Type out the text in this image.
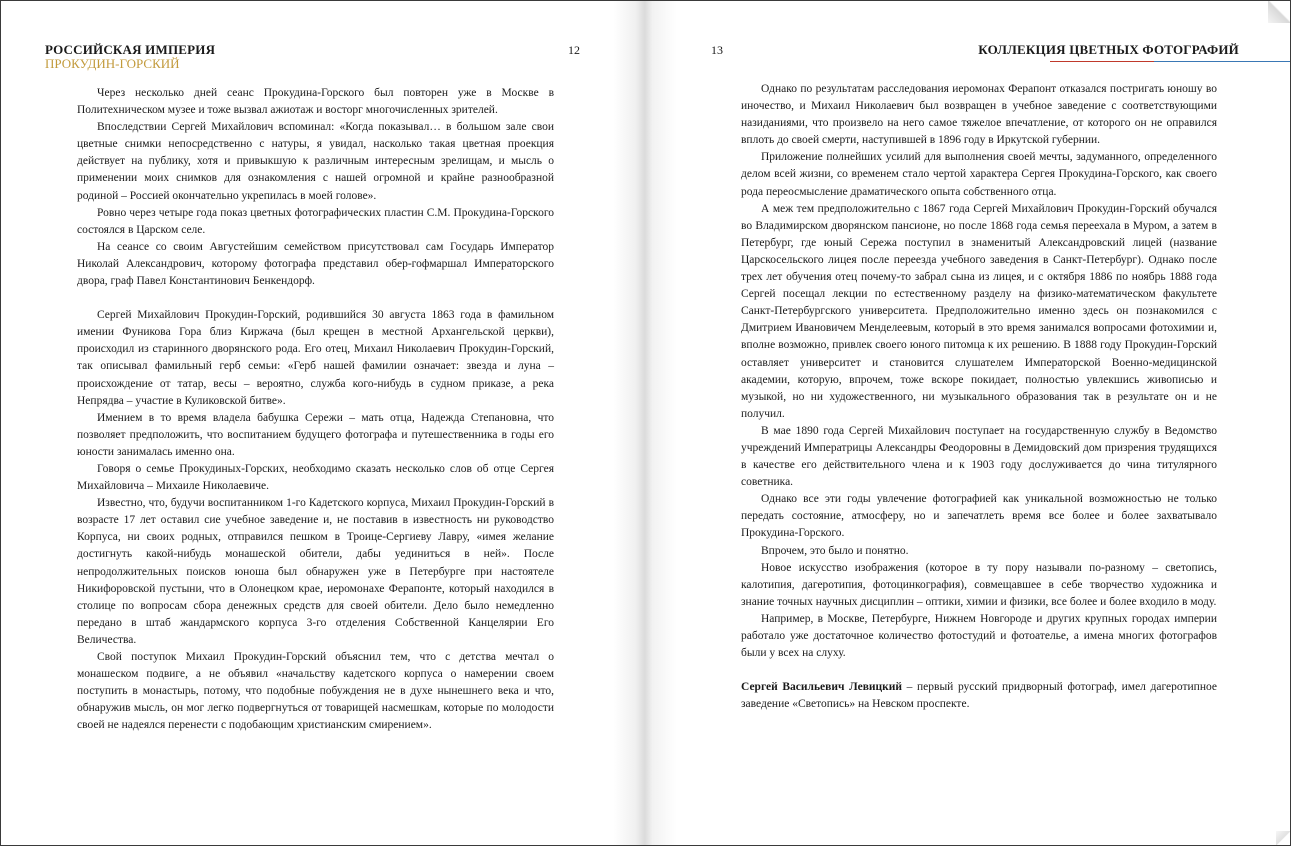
РОССИЙСКАЯ ИМПЕРИЯ
ПРОКУДИН-ГОРСКИЙ
12

Через несколько дней сеанс Прокудина-Горского был повторен уже в Москве в Политехническом музее и тоже вызвал ажиотаж и восторг многочисленных зрителей.

Впоследствии Сергей Михайлович вспоминал: «Когда показывал… в большом зале свои цветные снимки непосредственно с натуры, я увидал, насколько такая цветная проекция действует на публику, хотя и привыкшую к различным интересным зрелищам, и мысль о применении моих снимков для ознакомления с нашей огромной и крайне разнообразной родиной – Россией окончательно укрепилась в моей голове».

Ровно через четыре года показ цветных фотографических пластин С.М. Прокудина-Горского состоялся в Царском селе.

На сеансе со своим Августейшим семейством присутствовал сам Государь Император Николай Александрович, которому фотографа представил обер-гофмаршал Императорского двора, граф Павел Константинович Бенкендорф.

Сергей Михайлович Прокудин-Горский, родившийся 30 августа 1863 года в фамильном имении Фуникова Гора близ Киржача (был крещен в местной Архангельской церкви), происходил из старинного дворянского рода. Его отец, Михаил Николаевич Прокудин-Горский, так описывал фамильный герб семьи: «Герб нашей фамилии означает: звезда и луна – происхождение от татар, весы – вероятно, служба кого-нибудь в судном приказе, а река Непрядва – участие в Куликовской битве».

Имением в то время владела бабушка Сережи – мать отца, Надежда Степановна, что позволяет предположить, что воспитанием будущего фотографа и путешественника в годы его юности занималась именно она.

Говоря о семье Прокудиных-Горских, необходимо сказать несколько слов об отце Сергея Михайловича – Михаиле Николаевиче.

Известно, что, будучи воспитанником 1-го Кадетского корпуса, Михаил Прокудин-Горский в возрасте 17 лет оставил сие учебное заведение и, не поставив в известность ни руководство Корпуса, ни своих родных, отправился пешком в Троице-Сергиеву Лавру, «имея желание достигнуть какой-нибудь монашеской обители, дабы уединиться в ней». После непродолжительных поисков юноша был обнаружен уже в Петербурге при настоятеле Никифоровской пустыни, что в Олонецком крае, иеромонахе Ферапонте, который находился в столице по вопросам сбора денежных средств для своей обители. Дело было немедленно передано в штаб жандармского корпуса 3-го отделения Собственной Канцелярии Его Величества.

Свой поступок Михаил Прокудин-Горский объяснил тем, что с детства мечтал о монашеском подвиге, а не объявил «начальству кадетского корпуса о намерении своем поступить в монастырь, потому, что подобные побуждения не в духе нынешнего века и что, обнаружив мысль, он мог легко подвергнуться от товарищей насмешкам, которые по молодости своей не надеялся перенести с подобающим христианским смирением».

13	КОЛЛЕКЦИЯ ЦВЕТНЫХ ФОТОГРАФИЙ

Однако по результатам расследования иеромонах Ферапонт отказался постригать юношу во иночество, и Михаил Николаевич был возвращен в учебное заведение с соответствующими назиданиями, что произвело на него самое тяжелое впечатление, от которого он не оправился вплоть до своей смерти, наступившей в 1896 году в Иркутской губернии.

Приложение полнейших усилий для выполнения своей мечты, задуманного, определенного делом всей жизни, со временем стало чертой характера Сергея Прокудина-Горского, как своего рода переосмысление драматического опыта собственного отца.

А меж тем предположительно с 1867 года Сергей Михайлович Прокудин-Горский обучался во Владимирском дворянском пансионе, но после 1868 года семья переехала в Муром, а затем в Петербург, где юный Сережа поступил в знаменитый Александровский лицей (название Царскосельского лицея после переезда учебного заведения в Санкт-Петербург). Однако после трех лет обучения отец почему-то забрал сына из лицея, и с октября 1886 по ноябрь 1888 года Сергей посещал лекции по естественному разделу на физико-математическом факультете Санкт-Петербургского университета. Предположительно именно здесь он познакомился с Дмитрием Ивановичем Менделеевым, который в это время занимался вопросами фотохимии и, вполне возможно, привлек своего юного питомца к их решению. В 1888 году Прокудин-Горский оставляет университет и становится слушателем Императорской Военно-медицинской академии, которую, впрочем, тоже вскоре покидает, полностью увлекшись живописью и музыкой, но ни художественного, ни музыкального образования так в результате он и не получил.

В мае 1890 года Сергей Михайлович поступает на государственную службу в Ведомство учреждений Императрицы Александры Феодоровны в Демидовский дом призрения трудящихся в качестве его действительного члена и к 1903 году дослуживается до чина титулярного советника.

Однако все эти годы увлечение фотографией как уникальной возможностью не только передать состояние, атмосферу, но и запечатлеть время все более и более захватывало Прокудина-Горского.

Впрочем, это было и понятно.

Новое искусство изображения (которое в ту пору называли по-разному – светопись, калотипия, дагеротипия, фотоцинкография), совмещавшее в себе творчество художника и знание точных научных дисциплин – оптики, химии и физики, все более и более входило в моду.

Например, в Москве, Петербурге, Нижнем Новгороде и других крупных городах империи работало уже достаточное количество фотостудий и фотоателье, а имена многих фотографов были у всех на слуху.

Сергей Васильевич Левицкий – первый русский придворный фотограф, имел дагеротипное заведение «Светопись» на Невском проспекте.
